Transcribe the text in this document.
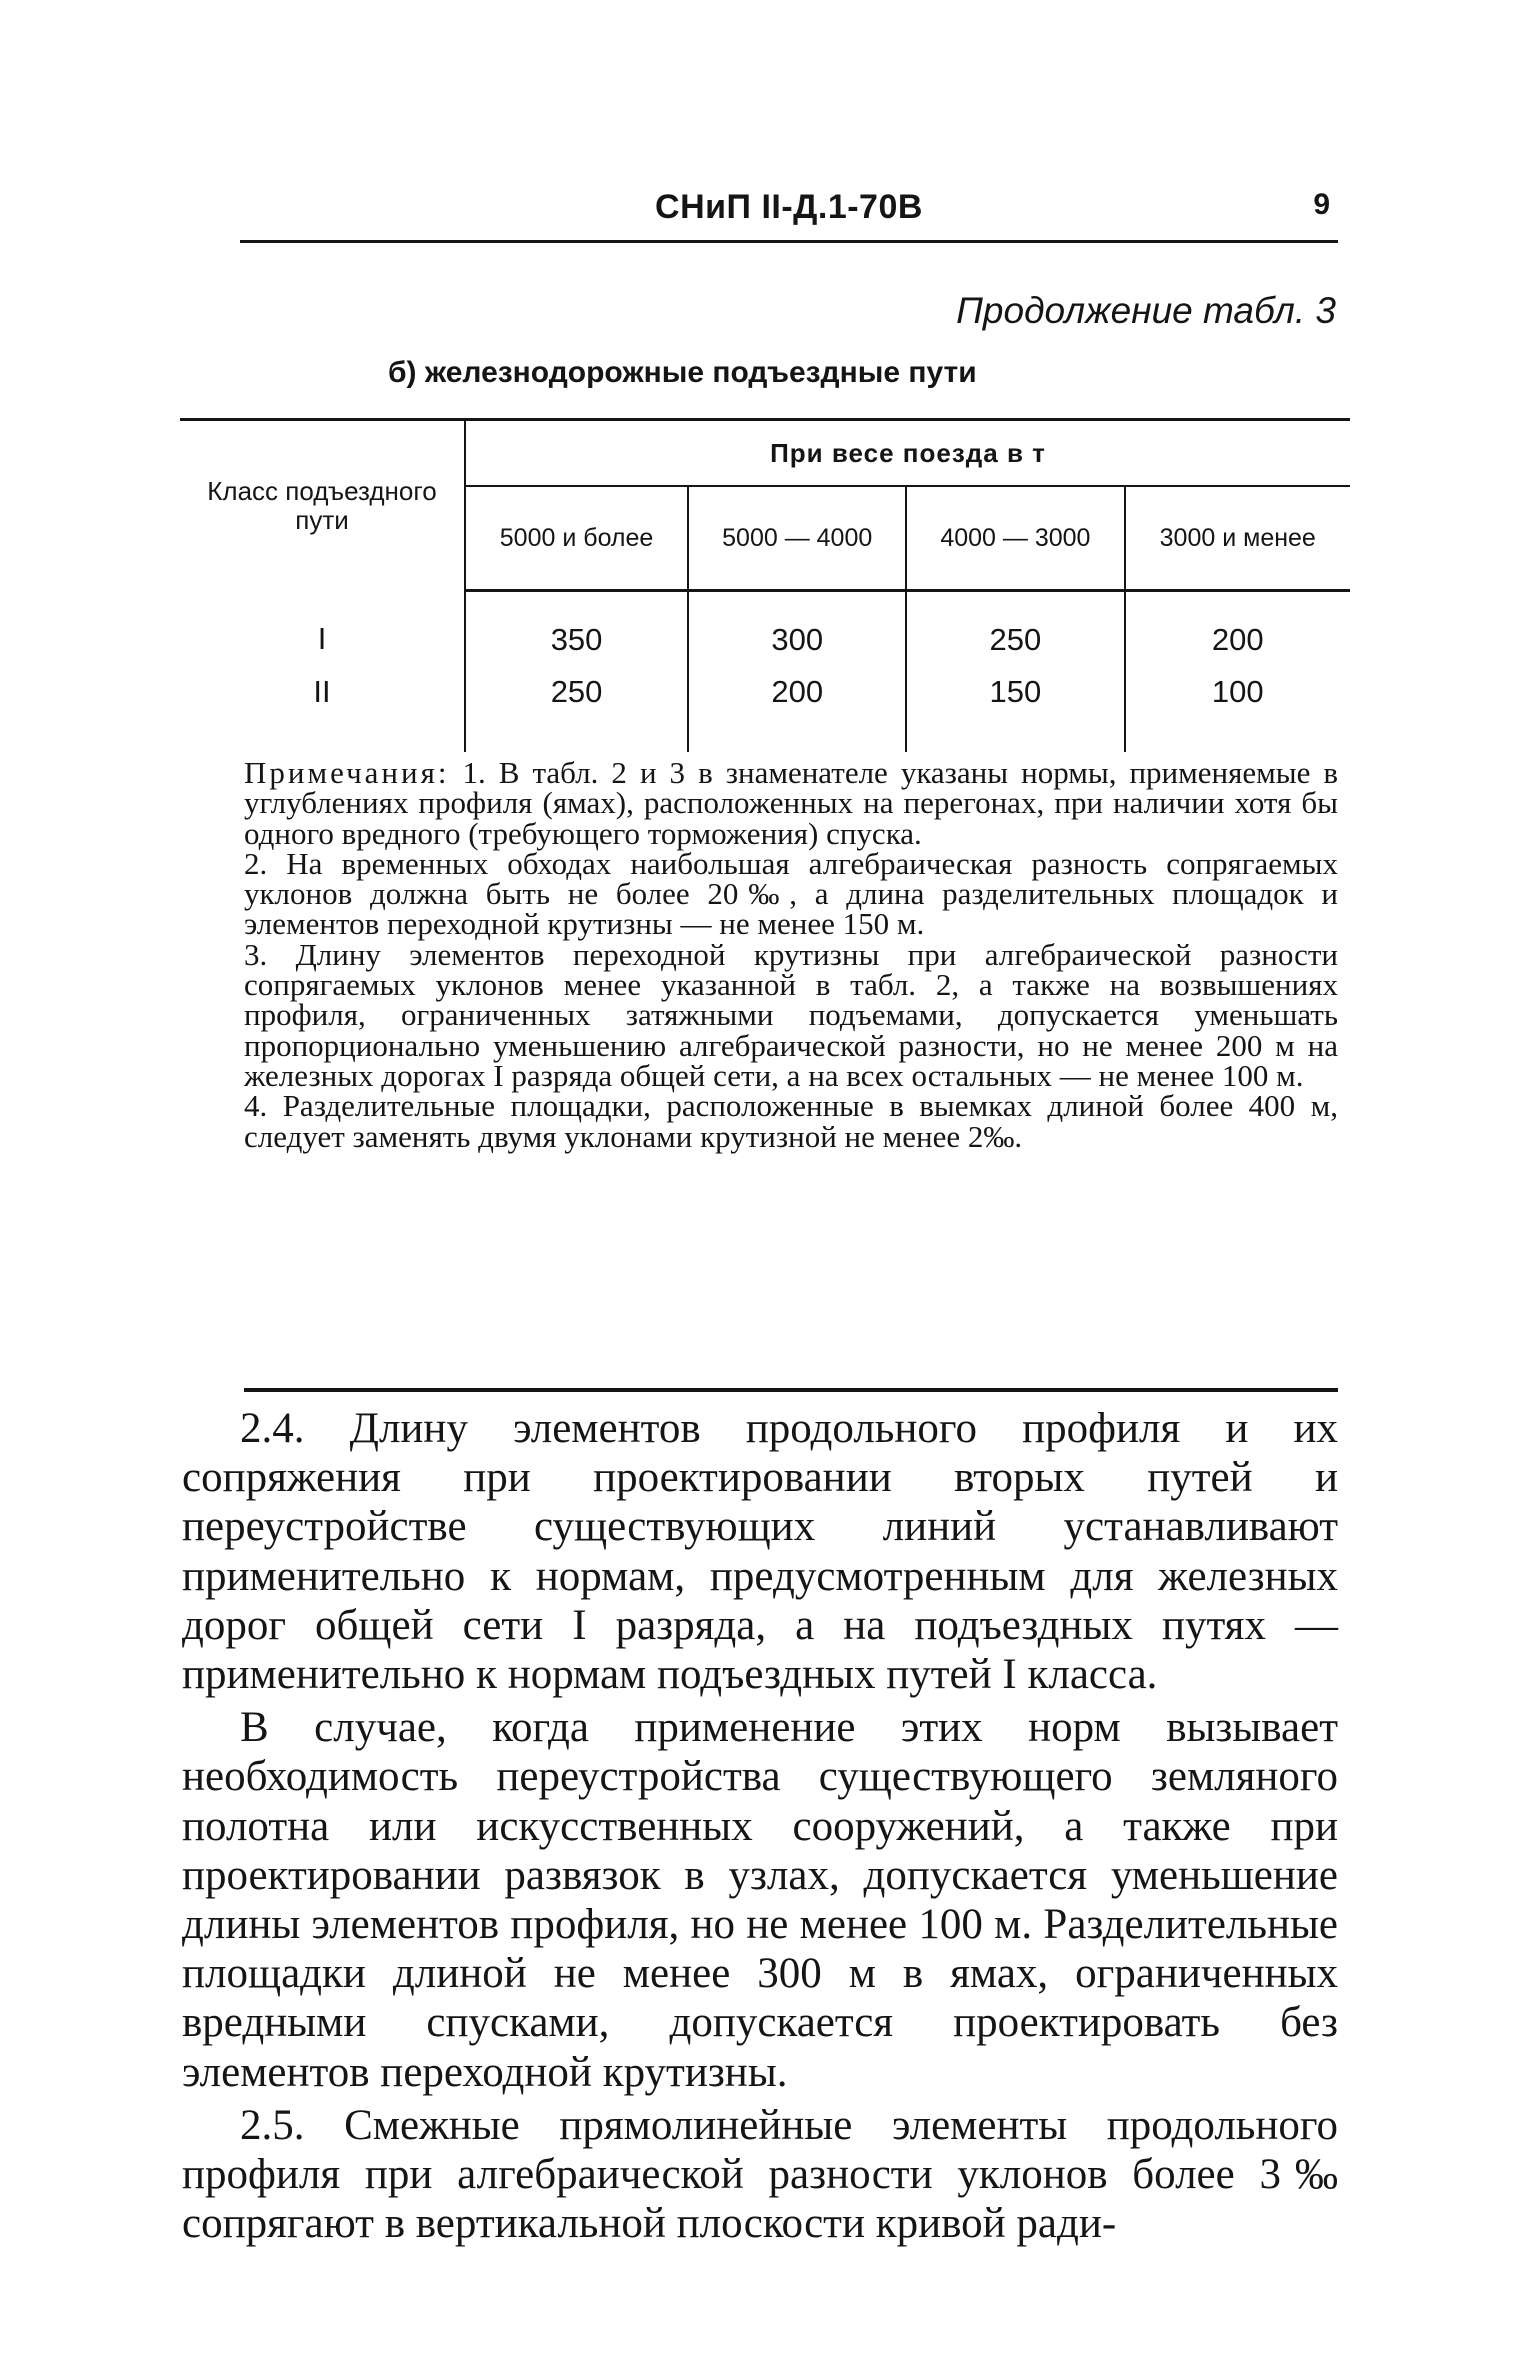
СНиП II-Д.1-70В	9
Продолжение табл. 3
б) железнодорожные подъездные пути
Класс подъездного пути	При весе поезда в т			
	5000 и более	5000 — 4000	4000 — 3000	3000 и менее
I	350	300	250	200
II	250	200	150	100

Примечания: 1. В табл. 2 и 3 в знаменателе указаны нормы, применяемые в углублениях профиля (ямах), расположенных на перегонах, при наличии хотя бы одного вредного (требующего торможения) спуска.

2. На временных обходах наибольшая алгебраическая разность сопрягаемых уклонов должна быть не более 20‰, а длина разделительных площадок и элементов переходной крутизны — не менее 150 м.

3. Длину элементов переходной крутизны при алгебраической разности сопрягаемых уклонов менее указанной в табл. 2, а также на возвышениях профиля, ограниченных затяжными подъемами, допускается уменьшать пропорционально уменьшению алгебраической разности, но не менее 200 м на железных дорогах I разряда общей сети, а на всех остальных — не менее 100 м.

4. Разделительные площадки, расположенные в выемках длиной более 400 м, следует заменять двумя уклонами крутизной не менее 2‰.

2.4. Длину элементов продольного профиля и их сопряжения при проектировании вторых путей и переустройстве существующих линий устанавливают применительно к нормам, предусмотренным для железных дорог общей сети I разряда, а на подъездных путях — применительно к нормам подъездных путей I класса.

В случае, когда применение этих норм вызывает необходимость переустройства существующего земляного полотна или искусственных сооружений, а также при проектировании развязок в узлах, допускается уменьшение длины элементов профиля, но не менее 100 м. Разделительные площадки длиной не менее 300 м в ямах, ограниченных вредными спусками, допускается проектировать без элементов переходной крутизны.

2.5. Смежные прямолинейные элементы продольного профиля при алгебраической разности уклонов более 3‰ сопрягают в вертикальной плоскости кривой ради-
